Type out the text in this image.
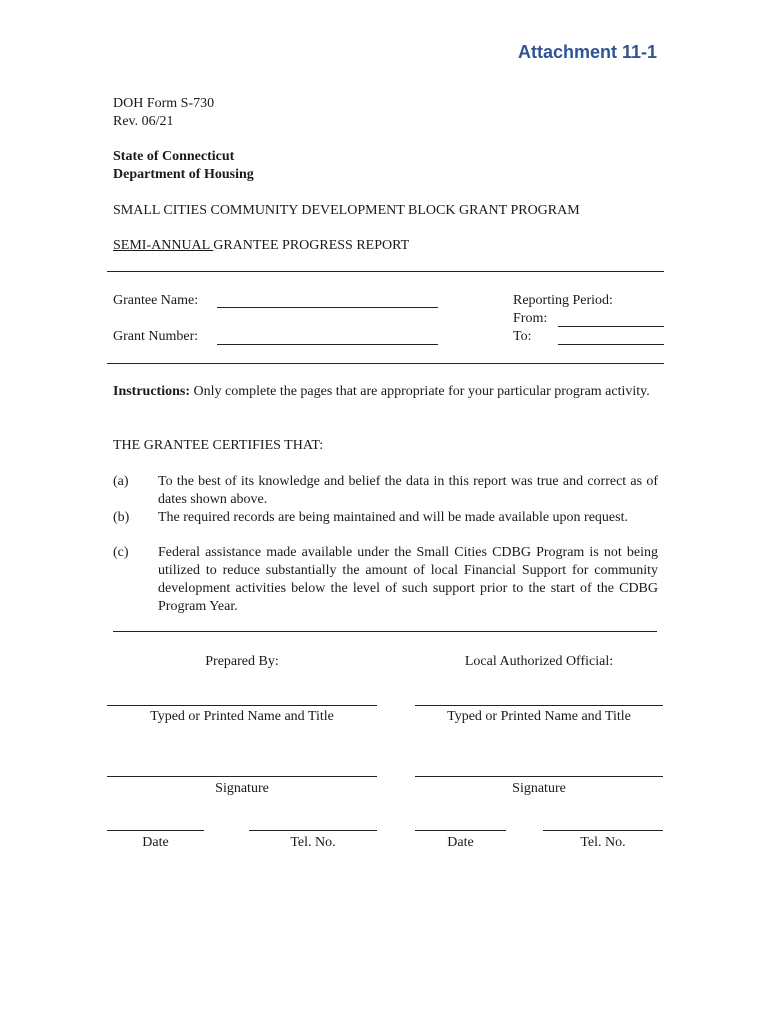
Attachment 11-1
DOH Form S-730
Rev. 06/21
State of Connecticut
Department of Housing
SMALL CITIES COMMUNITY DEVELOPMENT BLOCK GRANT PROGRAM
SEMI-ANNUAL GRANTEE PROGRESS REPORT
Grantee Name:
Grant Number:
Reporting Period:
From:
To:
Instructions: Only complete the pages that are appropriate for your particular program activity.
THE GRANTEE CERTIFIES THAT:
(a) To the best of its knowledge and belief the data in this report was true and correct as of dates shown above.
(b) The required records are being maintained and will be made available upon request.
(c) Federal assistance made available under the Small Cities CDBG Program is not being utilized to reduce substantially the amount of local Financial Support for community development activities below the level of such support prior to the start of the CDBG Program Year.
Prepared By:	Local Authorized Official:
Typed or Printed Name and Title	Typed or Printed Name and Title
Signature	Signature
Date	Tel. No.	Date	Tel. No.
